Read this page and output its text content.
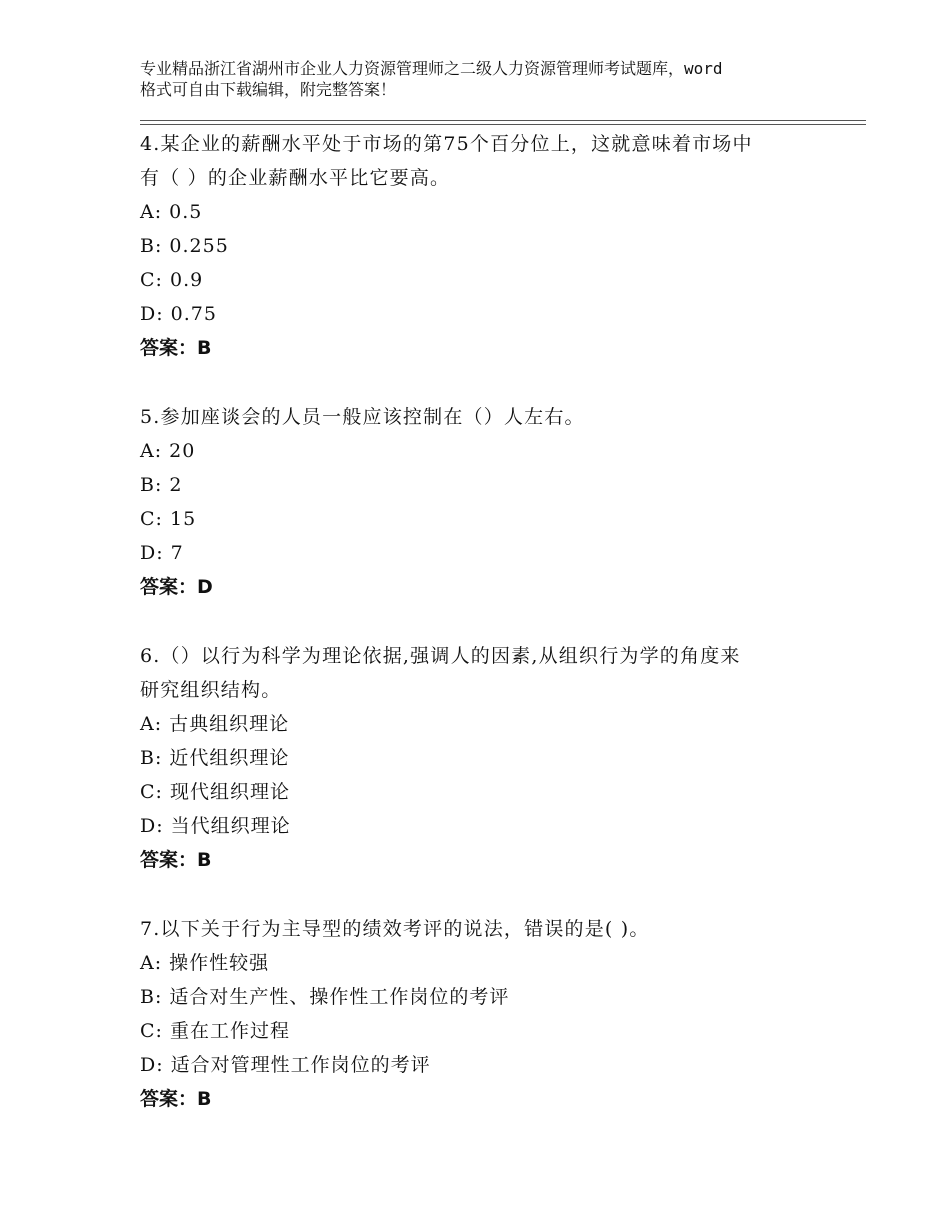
专业精品浙江省湖州市企业人力资源管理师之二级人力资源管理师考试题库，word
格式可自由下载编辑，附完整答案！
4.某企业的薪酬水平处于市场的第75个百分位上，这就意味着市场中
有（ ）的企业薪酬水平比它要高。
A: 0.5
B: 0.255
C: 0.9
D: 0.75
答案：B
5.参加座谈会的人员一般应该控制在（）人左右。
A: 20
B: 2
C: 15
D: 7
答案：D
6.（）以行为科学为理论依据,强调人的因素,从组织行为学的角度来
研究组织结构。
A: 古典组织理论
B: 近代组织理论
C: 现代组织理论
D: 当代组织理论
答案：B
7.以下关于行为主导型的绩效考评的说法，错误的是( )。
A: 操作性较强
B: 适合对生产性、操作性工作岗位的考评
C: 重在工作过程
D: 适合对管理性工作岗位的考评
答案：B
